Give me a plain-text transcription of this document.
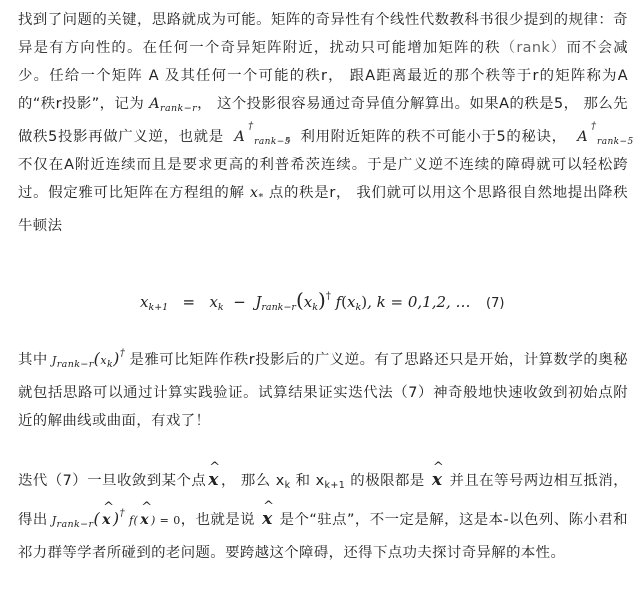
找到了问题的关键，思路就成为可能。矩阵的奇异性有个线性代数教科书很少提到的规律：奇异是有方向性的。在任何一个奇异矩阵附近，扰动只可能增加矩阵的秩（rank）而不会减少。任给一个矩阵 A 及其任何一个可能的秩r， 跟A距离最近的那个秩等于r的矩阵称为A的“秩r投影”，记为 $A_{rank-r}$， 这个投影很容易通过奇异值分解算出。如果A的秩是5， 那么先做秩5投影再做广义逆，也就是 A
†
rank−5
。利用附近矩阵的秩不可能小于5的秘诀， A
†
rank−5
不仅在A附近连续而且是要求更高的利普希茨连续。于是广义逆不连续的障碍就可以轻松跨过。假定雅可比矩阵在方程组的解 $x_*$ 点的秩是r， 我们就可以用这个思路很自然地提出降秩牛顿法
$x_{k+1} = x_k - J_{rank-r}(x_k)^\dagger$ $f(x_k)$, k = 0,1,2, … (7)
其中 Jrank−r(xk)† 是雅可比矩阵作秩r投影后的广义逆。有了思路还只是开始，计算数学的奥秘就包括思路可以通过计算实践验证。试算结果证实迭代法（7）神奇般地快速收敛到初始点附近的解曲线或曲面，有戏了！
迭代（7）一旦收敛到某个点 ^ x ， 那么 $x_k$ 和 $x_{k+1}$ 的极限都是 ^ x 并且在等号两边相互抵消，得出 Jrank−r( ^ x )† f( ^ x ) = 0，也就是说 ^ x 是个“驻点”，不一定是解，这是本-以色列、陈小君和祁力群等学者所碰到的老问题。要跨越这个障碍，还得下点功夫探讨奇异解的本性。
